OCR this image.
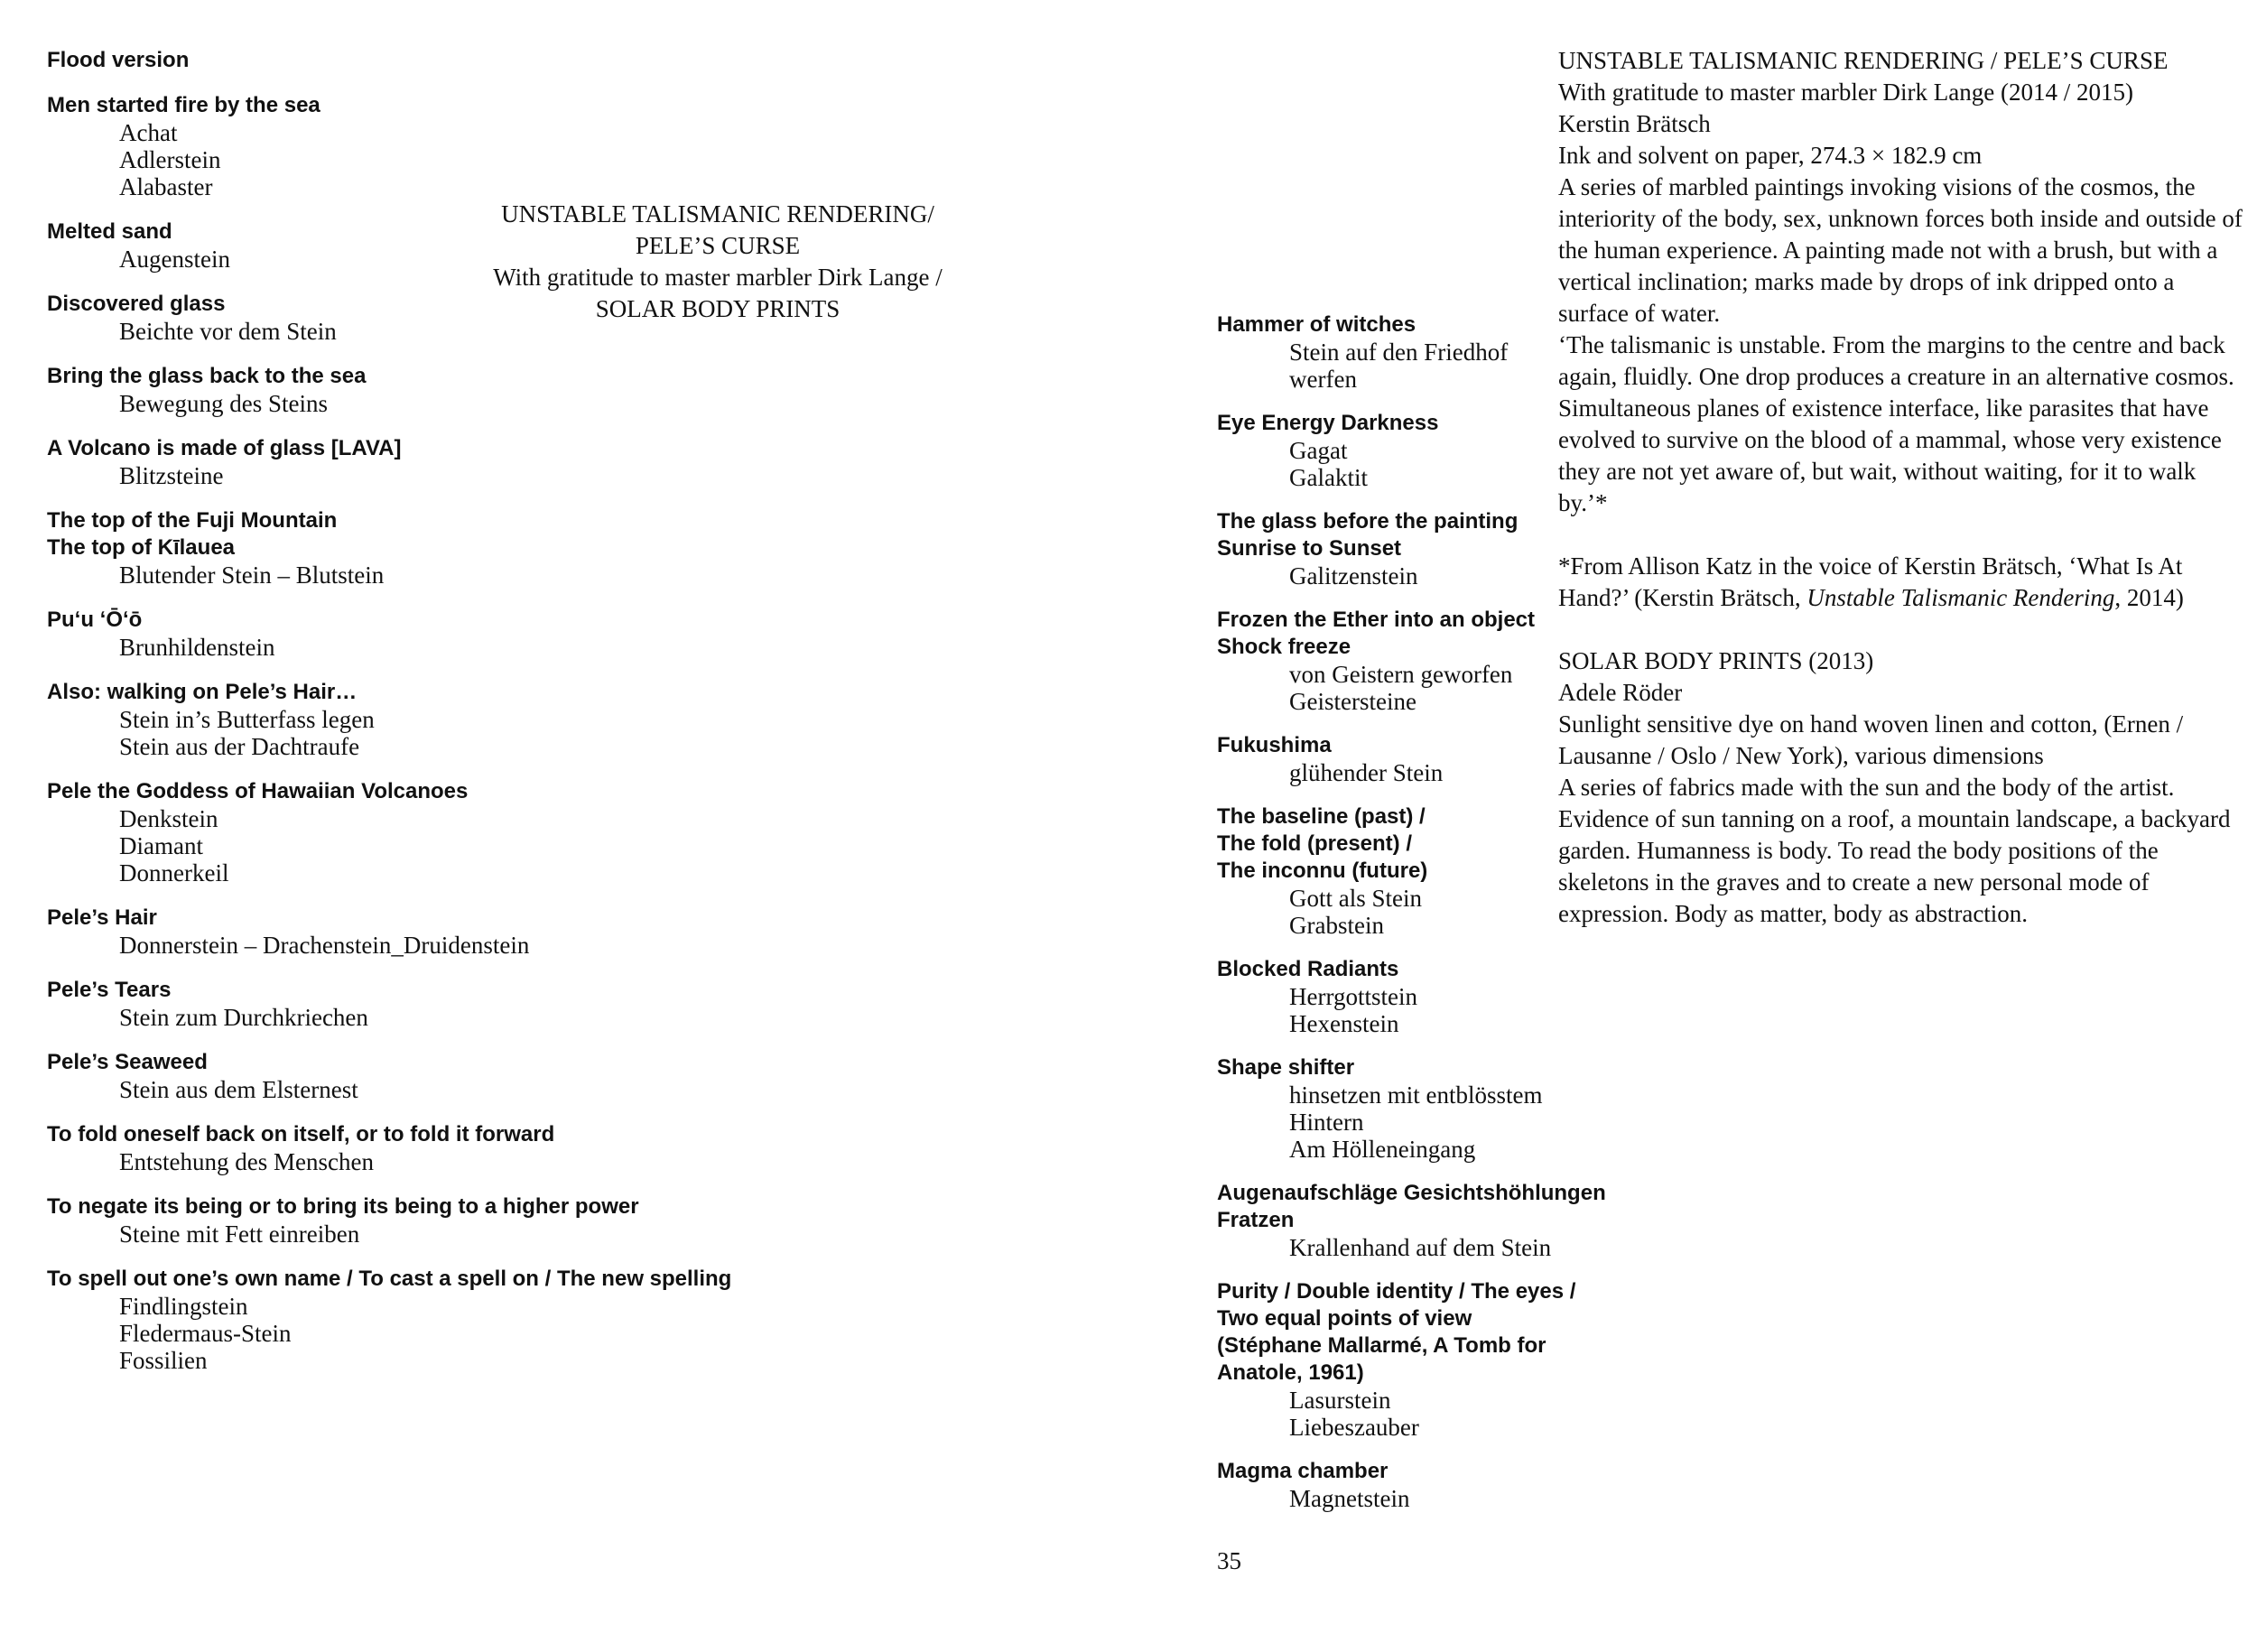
Flood version
Men started fire by the sea
Achat
Adlerstein
Alabaster
Melted sand
Augenstein
Discovered glass
Beichte vor dem Stein
Bring the glass back to the sea
Bewegung des Steins
A Volcano is made of glass [LAVA]
Blitzsteine
The top of the Fuji Mountain
The top of Kīlauea
Blutender Stein – Blutstein
Puʻu ʻŌʻō
Brunhildenstein
Also: walking on Pele’s Hair…
Stein in’s Butterfass legen
Stein aus der Dachtraufe
Pele the Goddess of Hawaiian Volcanoes
Denkstein
Diamant
Donnerkeil
Pele’s Hair
Donnerstein – Drachenstein_Druidenstein
Pele’s Tears
Stein zum Durchkriechen
Pele’s Seaweed
Stein aus dem Elsternest
To fold oneself back on itself, or to fold it forward
Entstehung des Menschen
To negate its being or to bring its being to a higher power
Steine mit Fett einreiben
To spell out one’s own name / To cast a spell on / The new spelling
Findlingstein
Fledermaus-Stein
Fossilien
UNSTABLE TALISMANIC RENDERING/
PELE’S CURSE
With gratitude to master marbler Dirk Lange /
SOLAR BODY PRINTS
Hammer of witches
Stein auf den Friedhof
werfen
Eye Energy Darkness
Gagat
Galaktit
The glass before the painting
Sunrise to Sunset
Galitzenstein
Frozen the Ether into an object
Shock freeze
von Geistern geworfen
Geistersteine
Fukushima
glühender Stein
The baseline (past) /
The fold (present) /
The inconnu (future)
Gott als Stein
Grabstein
Blocked Radiants
Herrgottstein
Hexenstein
Shape shifter
hinsetzen mit entblösstem
Hintern
Am Hölleneingang
Augenaufschläge Gesichtshöhlungen
Fratzen
Krallenhand auf dem Stein
Purity / Double identity / The eyes /
Two equal points of view
(Stéphane Mallarmé, A Tomb for Anatole, 1961)
Lasurstein
Liebeszauber
Magma chamber
Magnetstein
UNSTABLE TALISMANIC RENDERING / PELE’S CURSE
With gratitude to master marbler Dirk Lange (2014 / 2015)
Kerstin Brätsch
Ink and solvent on paper, 274.3 × 182.9 cm
A series of marbled paintings invoking visions of the cosmos, the interiority of the body, sex, unknown forces both inside and outside of the human experience. A painting made not with a brush, but with a vertical inclination; marks made by drops of ink dripped onto a surface of water.
‘The talismanic is unstable. From the margins to the centre and back again, fluidly. One drop produces a creature in an alternative cosmos. Simultaneous planes of existence interface, like parasites that have evolved to survive on the blood of a mammal, whose very existence they are not yet aware of, but wait, without waiting, for it to walk by.’*
*From Allison Katz in the voice of Kerstin Brätsch, ‘What Is At Hand?’ (Kerstin Brätsch, Unstable Talismanic Rendering, 2014)
SOLAR BODY PRINTS (2013)
Adele Röder
Sunlight sensitive dye on hand woven linen and cotton, (Ernen / Lausanne / Oslo / New York), various dimensions
A series of fabrics made with the sun and the body of the artist. Evidence of sun tanning on a roof, a mountain landscape, a backyard garden. Humanness is body. To read the body positions of the skeletons in the graves and to create a new personal mode of expression. Body as matter, body as abstraction.
35
